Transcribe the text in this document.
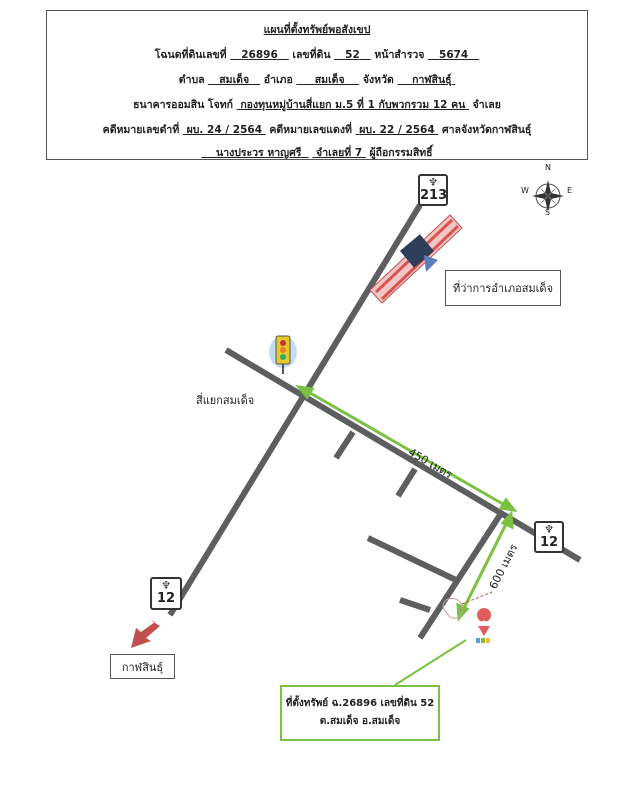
แผนที่ตั้งทรัพย์พอสังเขป
โฉนดที่ดินเลขที่ 26896 เลขที่ดิน 52 หน้าสำรวจ 5674
ตำบล สมเด็จ อำเภอ สมเด็จ จังหวัด กาฬสินธุ์
ธนาคารออมสิน โจทก์ กองทุนหมู่บ้านสี่แยก ม.5 ที่ 1 กับพวกรวม 12 คน จำเลย
คดีหมายเลขดำที่ ผบ. 24 / 2564 คดีหมายเลขแดงที่ ผบ. 22 / 2564 ศาลจังหวัดกาฬสินธุ์
นางประวร หาญศรี จำเลยที่ 7 ผู้ถือกรรมสิทธิ์
N
S
E
W
♆
213
♆
12
♆
12
ที่ว่าการอำเภอสมเด็จ
สี่แยกสมเด็จ
450 เมตร
600 เมตร
กาฬสินธุ์
ที่ตั้งทรัพย์ ฉ.26896 เลขที่ดิน 52
ต.สมเด็จ อ.สมเด็จ
